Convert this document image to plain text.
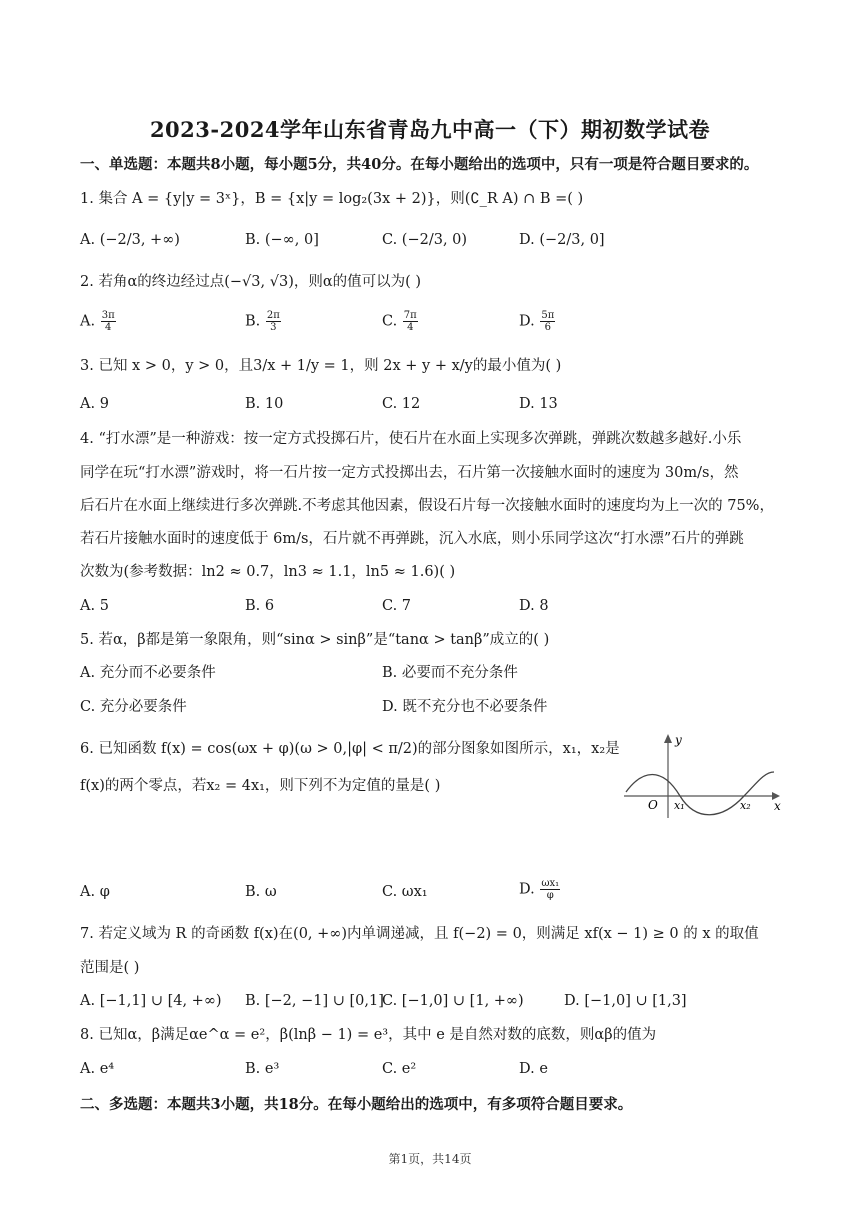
2023-2024学年山东省青岛九中高一（下）期初数学试卷
一、单选题：本题共8小题，每小题5分，共40分。在每小题给出的选项中，只有一项是符合题目要求的。
1. 集合 A = {y|y = 3ˣ}，B = {x|y = log₂(3x + 2)}，则(∁_R A) ∩ B =( )
A. (−2/3, +∞)	B. (−∞, 0]	C. (−2/3, 0)	D. (−2/3, 0]
2. 若角α的终边经过点(−√3, √3)，则α的值可以为( )
A. $\frac{3\pi}{4}$	B. $\frac{2\pi}{3}$	C. $\frac{7\pi}{4}$	D. $\frac{5\pi}{6}$
3. 已知 x > 0，y > 0，且3/x + 1/y = 1，则 2x + y + x/y的最小值为( )
A. 9	B. 10	C. 12	D. 13
4. “打水漂”是一种游戏：按一定方式投掷石片，使石片在水面上实现多次弹跳，弹跳次数越多越好.小乐
同学在玩“打水漂”游戏时，将一石片按一定方式投掷出去，石片第一次接触水面时的速度为 30m/s，然
后石片在水面上继续进行多次弹跳.不考虑其他因素，假设石片每一次接触水面时的速度均为上一次的 75%，
若石片接触水面时的速度低于 6m/s，石片就不再弹跳，沉入水底，则小乐同学这次“打水漂”石片的弹跳
次数为(参考数据：ln2 ≈ 0.7，ln3 ≈ 1.1，ln5 ≈ 1.6)( )
A. 5	B. 6	C. 7	D. 8
5. 若α，β都是第一象限角，则“sinα > sinβ”是“tanα > tanβ”成立的( )
A. 充分而不必要条件	B. 必要而不充分条件
C. 充分必要条件	D. 既不充分也不必要条件
6. 已知函数 f(x) = cos(ωx + φ)(ω > 0,|φ| < π/2)的部分图象如图所示，x₁，x₂是
f(x)的两个零点，若x₂ = 4x₁，则下列不为定值的量是( )
y
x
O x₁	x₂
A. φ	B. ω	C. ωx₁	D. $\frac{\text{ωx₁}}{\varphi}$
7. 若定义域为 R 的奇函数 f(x)在(0, +∞)内单调递减，且 f(−2) = 0，则满足 xf(x − 1) ≥ 0 的 x 的取值
范围是( )
A. [−1,1] ∪ [4, +∞) B. [−2, −1] ∪ [0,1]
C. [−1,0] ∪ [1, +∞)	D. [−1,0] ∪ [1,3]
8. 已知α，β满足αe^α = e²，β(lnβ − 1) = e³，其中 e 是自然对数的底数，则αβ的值为
A. e⁴	B. e³	C. e²	D. e
二、多选题：本题共3小题，共18分。在每小题给出的选项中，有多项符合题目要求。
第1页，共14页
